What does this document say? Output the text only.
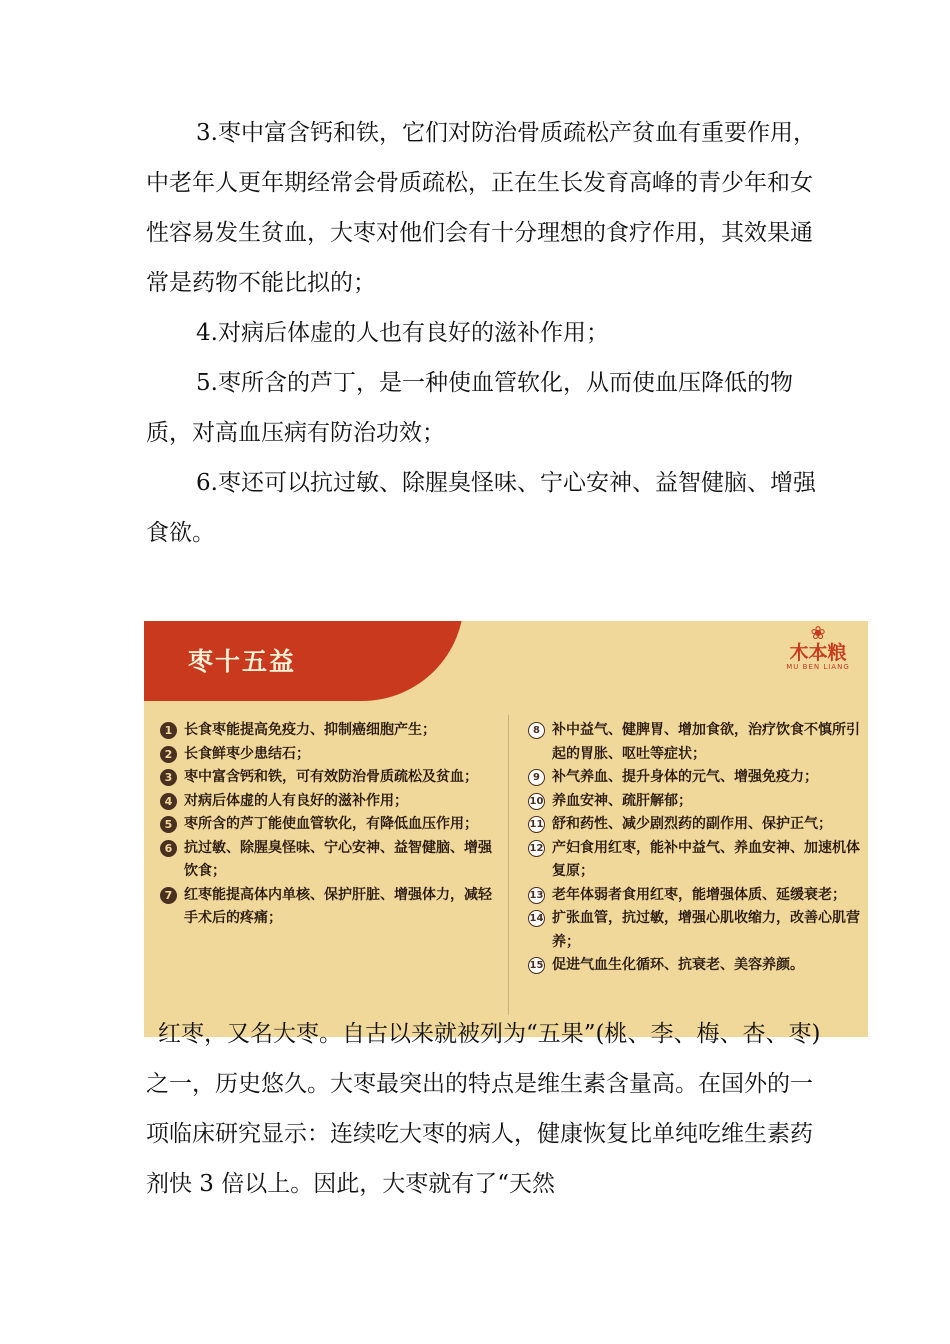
3.枣中富含钙和铁，它们对防治骨质疏松产贫血有重要作用，中老年人更年期经常会骨质疏松，正在生长发育高峰的青少年和女性容易发生贫血，大枣对他们会有十分理想的食疗作用，其效果通常是药物不能比拟的；

4.对病后体虚的人也有良好的滋补作用；

5.枣所含的芦丁，是一种使血管软化，从而使血压降低的物质，对高血压病有防治功效；

6.枣还可以抗过敏、除腥臭怪味、宁心安神、益智健脑、增强食欲。

枣十五益
❀
木本粮
MU BEN LIANG
1 长食枣能提高免疫力、抑制癌细胞产生；
2 长食鲜枣少患结石；
3 枣中富含钙和铁，可有效防治骨质疏松及贫血；
4 对病后体虚的人有良好的滋补作用；
5 枣所含的芦丁能使血管软化，有降低血压作用；
6 抗过敏、除腥臭怪味、宁心安神、益智健脑、增强饮食；
7 红枣能提高体内单核、保护肝脏、增强体力，减轻手术后的疼痛；
8 补中益气、健脾胃、增加食欲，治疗饮食不慎所引起的胃胀、呕吐等症状；
9 补气养血、提升身体的元气、增强免疫力；
10 养血安神、疏肝解郁；
11 舒和药性、减少剧烈药的副作用、保护正气；
12 产妇食用红枣，能补中益气、养血安神、加速机体复原；
13 老年体弱者食用红枣，能增强体质、延缓衰老；
14 扩张血管，抗过敏，增强心肌收缩力，改善心肌营养；
15 促进气血生化循环、抗衰老、美容养颜。

红枣，又名大枣。自古以来就被列为“五果”(桃、李、梅、杏、枣)之一，历史悠久。大枣最突出的特点是维生素含量高。在国外的一项临床研究显示：连续吃大枣的病人，健康恢复比单纯吃维生素药剂快 3 倍以上。因此，大枣就有了“天然
